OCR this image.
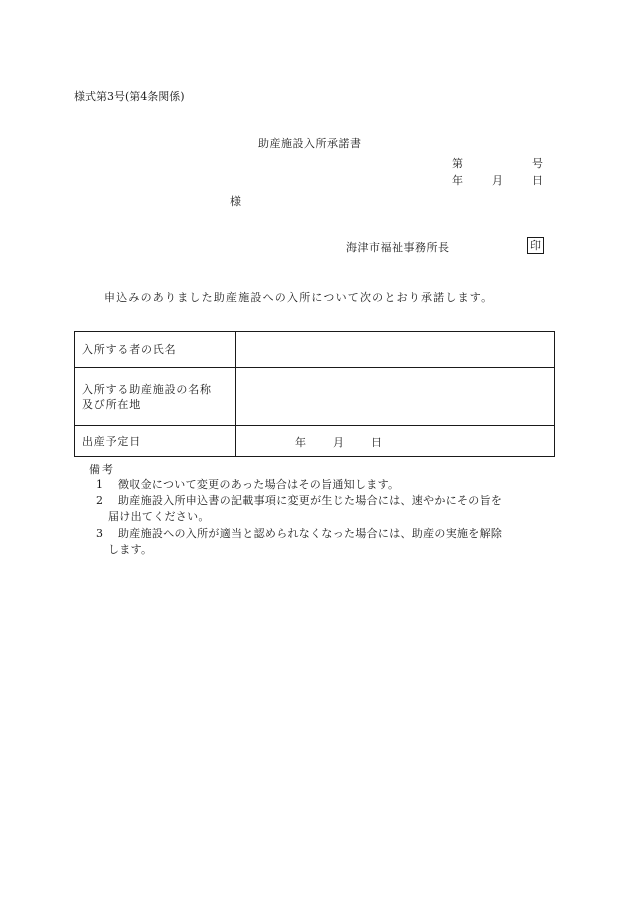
様式第3号(第4条関係)
助産施設入所承諾書
第	号
年	月	日
様
海津市福祉事務所長	印
申込みのありました助産施設への入所について次のとおり承諾します。
入所する者の氏名	

入所する助産施設の名称
及び所在地	

出産予定日		年 月 日
備考
1 徴収金について変更のあった場合はその旨通知します。
2 助産施設入所申込書の記載事項に変更が生じた場合には、速やかにその旨を
届け出てください。
3 助産施設への入所が適当と認められなくなった場合には、助産の実施を解除
します。
